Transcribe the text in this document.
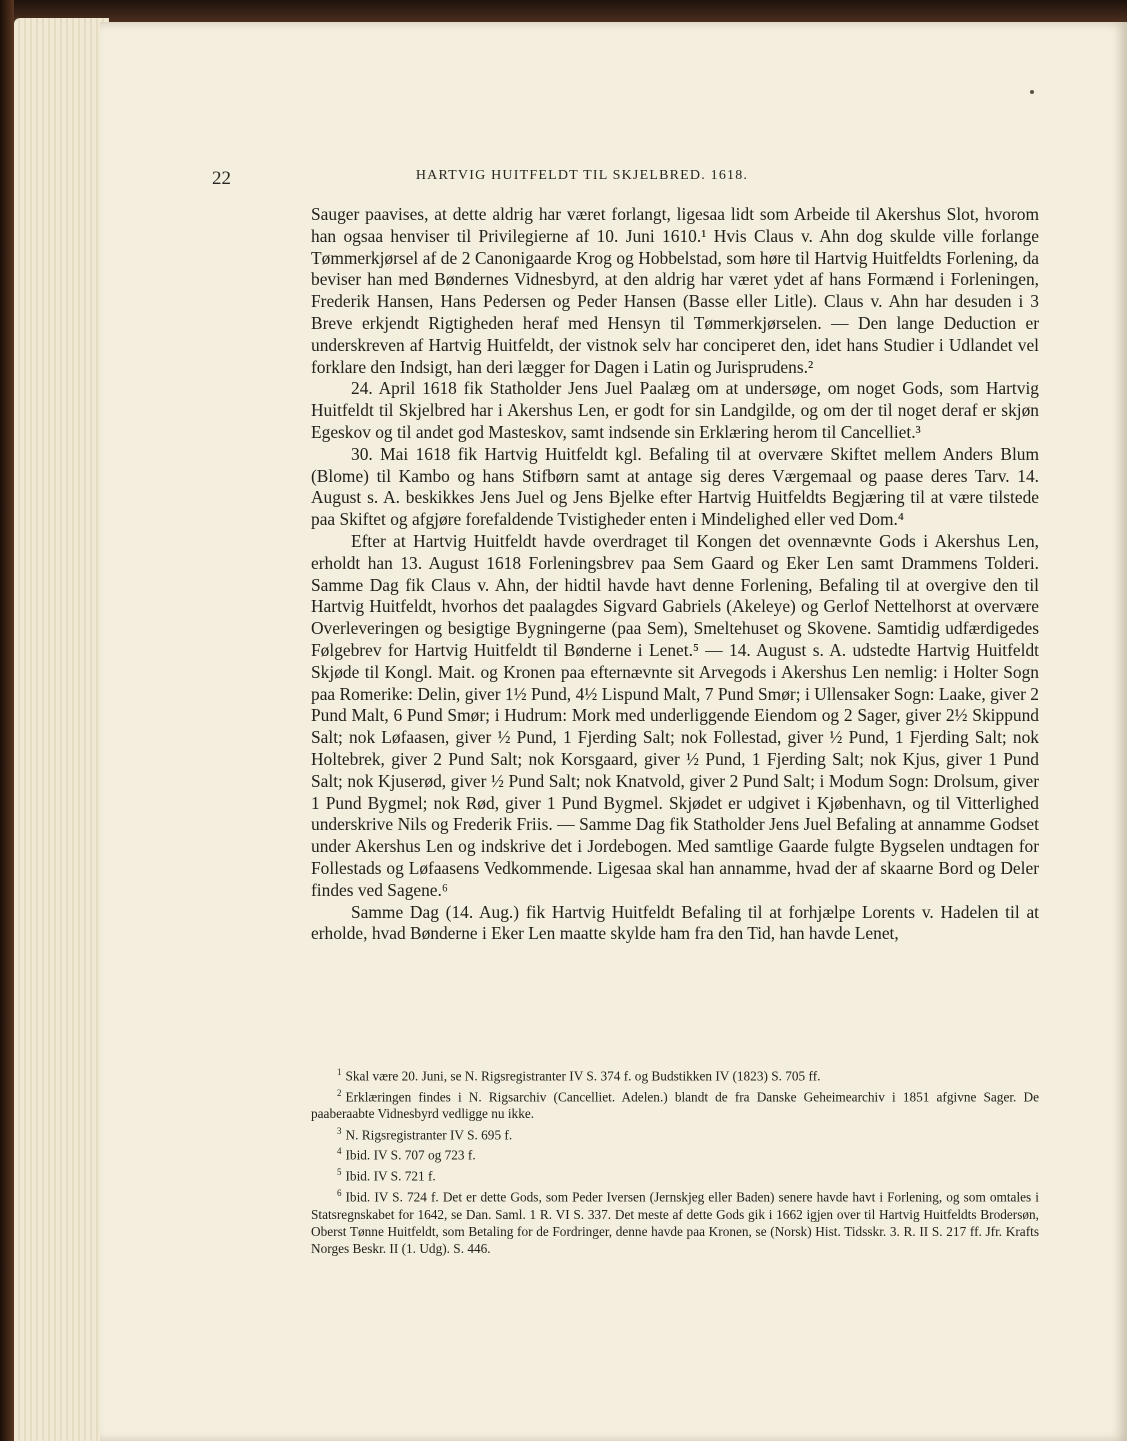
22	HARTVIG HUITFELDT TIL SKJELBRED. 1618.

Sauger paavises, at dette aldrig har været forlangt, ligesaa lidt som Arbeide til Akershus Slot, hvorom han ogsaa henviser til Privilegierne af 10. Juni 1610.¹ Hvis Claus v. Ahn dog skulde ville forlange Tømmerkjørsel af de 2 Canonigaarde Krog og Hobbelstad, som høre til Hartvig Huitfeldts Forlening, da beviser han med Bøndernes Vidnesbyrd, at den aldrig har været ydet af hans Formænd i Forleningen, Frederik Hansen, Hans Pedersen og Peder Hansen (Basse eller Litle). Claus v. Ahn har desuden i 3 Breve erkjendt Rigtigheden heraf med Hensyn til Tømmerkjørselen. — Den lange Deduction er underskreven af Hartvig Huitfeldt, der vistnok selv har conciperet den, idet hans Studier i Udlandet vel forklare den Indsigt, han deri lægger for Dagen i Latin og Jurisprudens.²

24. April 1618 fik Statholder Jens Juel Paalæg om at undersøge, om noget Gods, som Hartvig Huitfeldt til Skjelbred har i Akershus Len, er godt for sin Landgilde, og om der til noget deraf er skjøn Egeskov og til andet god Masteskov, samt indsende sin Erklæring herom til Cancelliet.³

30. Mai 1618 fik Hartvig Huitfeldt kgl. Befaling til at overvære Skiftet mellem Anders Blum (Blome) til Kambo og hans Stifbørn samt at antage sig deres Værgemaal og paase deres Tarv. 14. August s. A. beskikkes Jens Juel og Jens Bjelke efter Hartvig Huitfeldts Begjæring til at være tilstede paa Skiftet og afgjøre forefaldende Tvistigheder enten i Mindelighed eller ved Dom.⁴

Efter at Hartvig Huitfeldt havde overdraget til Kongen det ovennævnte Gods i Akershus Len, erholdt han 13. August 1618 Forleningsbrev paa Sem Gaard og Eker Len samt Drammens Tolderi. Samme Dag fik Claus v. Ahn, der hidtil havde havt denne Forlening, Befaling til at overgive den til Hartvig Huitfeldt, hvorhos det paalagdes Sigvard Gabriels (Akeleye) og Gerlof Nettelhorst at overvære Overleveringen og besigtige Bygningerne (paa Sem), Smeltehuset og Skovene. Samtidig udfærdigedes Følgebrev for Hartvig Huitfeldt til Bønderne i Lenet.⁵ — 14. August s. A. udstedte Hartvig Huitfeldt Skjøde til Kongl. Mait. og Kronen paa efternævnte sit Arvegods i Akershus Len nemlig: i Holter Sogn paa Romerike: Delin, giver 1½ Pund, 4½ Lispund Malt, 7 Pund Smør; i Ullensaker Sogn: Laake, giver 2 Pund Malt, 6 Pund Smør; i Hudrum: Mork med underliggende Eiendom og 2 Sager, giver 2½ Skippund Salt; nok Løfaasen, giver ½ Pund, 1 Fjerding Salt; nok Follestad, giver ½ Pund, 1 Fjerding Salt; nok Holtebrek, giver 2 Pund Salt; nok Korsgaard, giver ½ Pund, 1 Fjerding Salt; nok Kjus, giver 1 Pund Salt; nok Kjuserød, giver ½ Pund Salt; nok Knatvold, giver 2 Pund Salt; i Modum Sogn: Drolsum, giver 1 Pund Bygmel; nok Rød, giver 1 Pund Bygmel. Skjødet er udgivet i Kjøbenhavn, og til Vitterlighed underskrive Nils og Frederik Friis. — Samme Dag fik Statholder Jens Juel Befaling at annamme Godset under Akershus Len og indskrive det i Jordebogen. Med samtlige Gaarde fulgte Bygselen undtagen for Follestads og Løfaasens Vedkommende. Ligesaa skal han annamme, hvad der af skaarne Bord og Deler findes ved Sagene.⁶

Samme Dag (14. Aug.) fik Hartvig Huitfeldt Befaling til at forhjælpe Lorents v. Hadelen til at erholde, hvad Bønderne i Eker Len maatte skylde ham fra den Tid, han havde Lenet,

$^1$ Skal være 20. Juni, se N. Rigsregistranter IV S. 374 f. og Budstikken IV (1823) S. 705 ff.

$^2$ Erklæringen findes i N. Rigsarchiv (Cancelliet. Adelen.) blandt de fra Danske Geheimearchiv i 1851 afgivne Sager. De paaberaabte Vidnesbyrd vedligge nu ikke.

$^3$ N. Rigsregistranter IV S. 695 f.

$^4$ Ibid. IV S. 707 og 723 f.

$^5$ Ibid. IV S. 721 f.

$^6$ Ibid. IV S. 724 f. Det er dette Gods, som Peder Iversen (Jernskjeg eller Baden) senere havde havt i Forlening, og som omtales i Statsregnskabet for 1642, se Dan. Saml. 1 R. VI S. 337. Det meste af dette Gods gik i 1662 igjen over til Hartvig Huitfeldts Brodersøn, Oberst Tønne Huitfeldt, som Betaling for de Fordringer, denne havde paa Kronen, se (Norsk) Hist. Tidsskr. 3. R. II S. 217 ff. Jfr. Krafts Norges Beskr. II (1. Udg). S. 446.
